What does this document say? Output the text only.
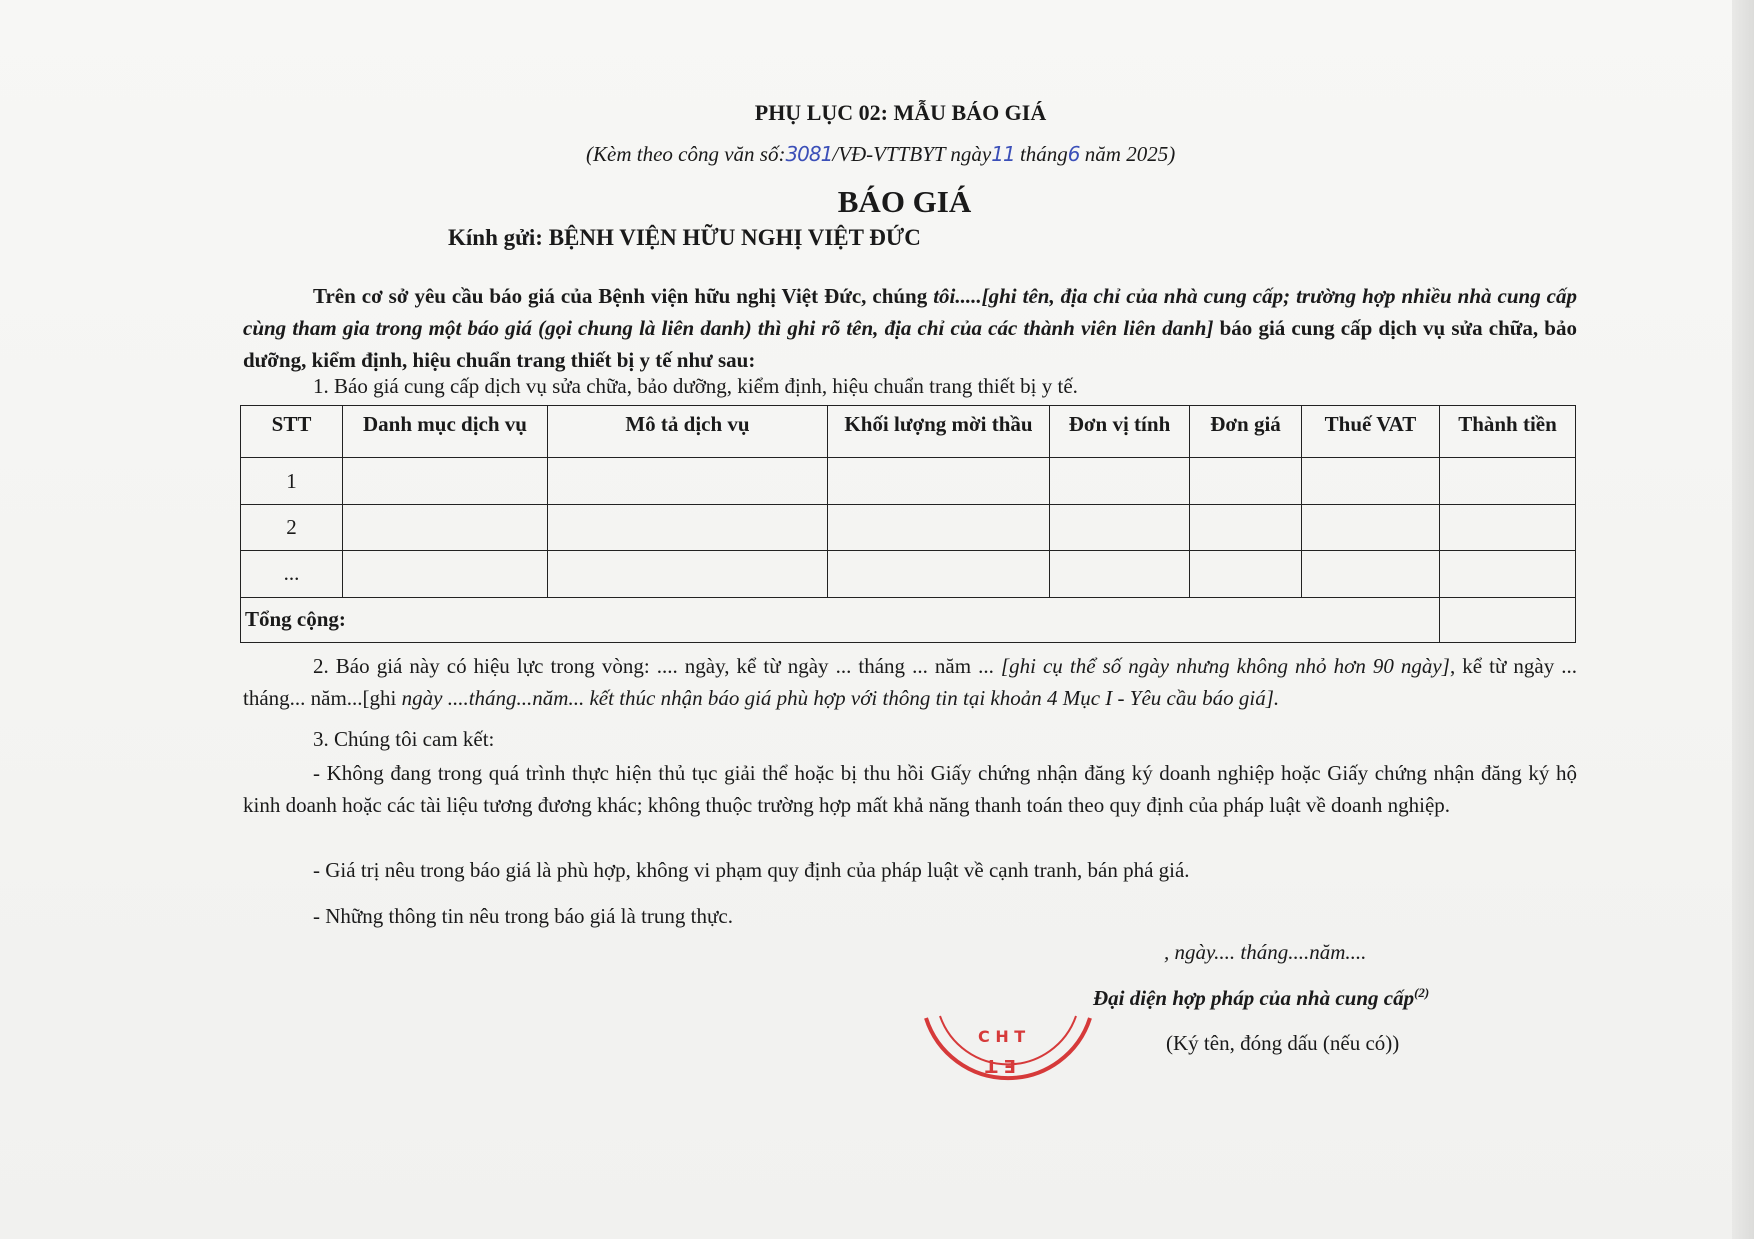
PHỤ LỤC 02: MẪU BÁO GIÁ
(Kèm theo công văn số:3081/VĐ-VTTBYT ngày11 tháng6 năm 2025)
BÁO GIÁ
Kính gửi: BỆNH VIỆN HỮU NGHỊ VIỆT ĐỨC
Trên cơ sở yêu cầu báo giá của Bệnh viện hữu nghị Việt Đức, chúng tôi.....[ghi tên, địa chỉ của nhà cung cấp; trường hợp nhiều nhà cung cấp cùng tham gia trong một báo giá (gọi chung là liên danh) thì ghi rõ tên, địa chỉ của các thành viên liên danh] báo giá cung cấp dịch vụ sửa chữa, bảo dưỡng, kiểm định, hiệu chuẩn trang thiết bị y tế như sau:
1. Báo giá cung cấp dịch vụ sửa chữa, bảo dưỡng, kiểm định, hiệu chuẩn trang thiết bị y tế.
STT	Danh mục dịch vụ	Mô tả dịch vụ	Khối lượng mời thầu	Đơn vị tính	Đơn giá	Thuế VAT	Thành tiền
1							
2							
...							
Tổng cộng:							
2. Báo giá này có hiệu lực trong vòng: .... ngày, kể từ ngày ... tháng ... năm ... [ghi cụ thể số ngày nhưng không nhỏ hơn 90 ngày], kể từ ngày ... tháng... năm...[ghi ngày ....tháng...năm... kết thúc nhận báo giá phù hợp với thông tin tại khoản 4 Mục I - Yêu cầu báo giá].
3. Chúng tôi cam kết:
- Không đang trong quá trình thực hiện thủ tục giải thể hoặc bị thu hồi Giấy chứng nhận đăng ký doanh nghiệp hoặc Giấy chứng nhận đăng ký hộ kinh doanh hoặc các tài liệu tương đương khác; không thuộc trường hợp mất khả năng thanh toán theo quy định của pháp luật về doanh nghiệp.
- Giá trị nêu trong báo giá là phù hợp, không vi phạm quy định của pháp luật về cạnh tranh, bán phá giá.
- Những thông tin nêu trong báo giá là trung thực.
, ngày.... tháng....năm....
Đại diện hợp pháp của nhà cung cấp$^{(2)}$
(Ký tên, đóng dấu (nếu có))
C H T
E T
